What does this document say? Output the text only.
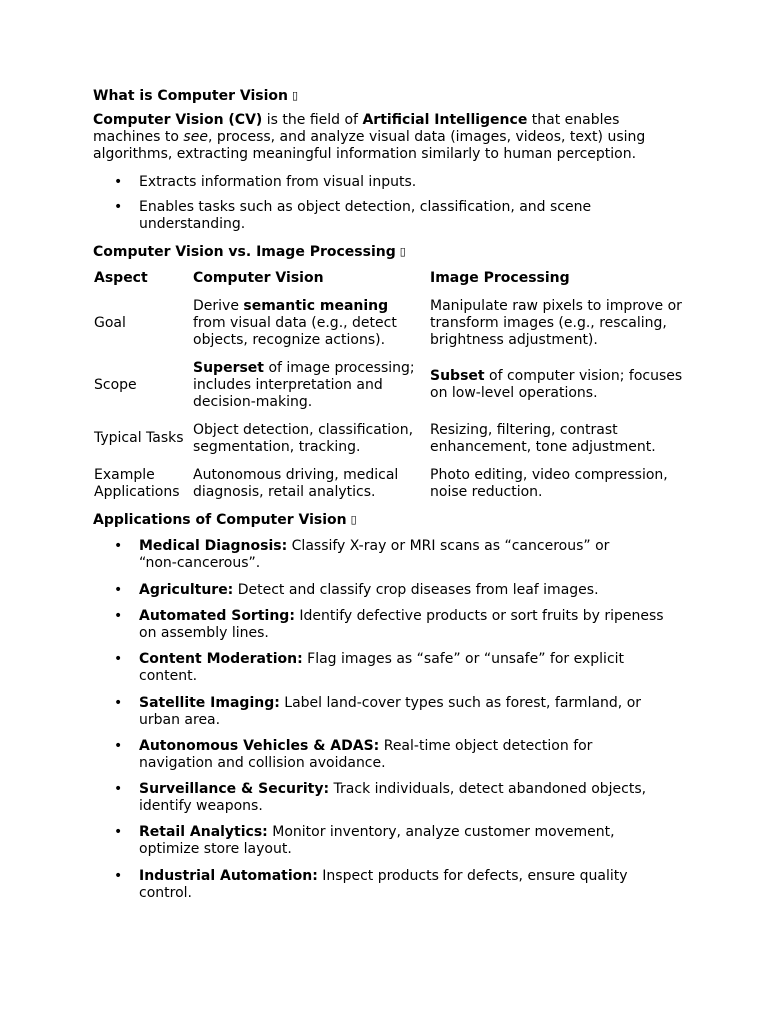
What is Computer Vision ▯
Computer Vision (CV) is the field of Artificial Intelligence that enables machines to see, process, and analyze visual data (images, videos, text) using algorithms, extracting meaningful information similarly to human perception.
• Extracts information from visual inputs.
• Enables tasks such as object detection, classification, and scene understanding.
Computer Vision vs. Image Processing ▯
Aspect	Computer Vision	Image Processing
Goal
Derive semantic meaning from visual data (e.g., detect objects, recognize actions).
Manipulate raw pixels to improve or transform images (e.g., rescaling, brightness adjustment).
Scope
Superset of image processing; includes interpretation and decision-making.
Subset of computer vision; focuses on low-level operations.
Typical Tasks Object detection, classification, segmentation, tracking.
Resizing, filtering, contrast enhancement, tone adjustment.
Example Applications
Autonomous driving, medical diagnosis, retail analytics.
Photo editing, video compression, noise reduction.
Applications of Computer Vision ▯
• Medical Diagnosis: Classify X-ray or MRI scans as “cancerous” or “non-cancerous”.
• Agriculture: Detect and classify crop diseases from leaf images.
• Automated Sorting: Identify defective products or sort fruits by ripeness on assembly lines.
• Content Moderation: Flag images as “safe” or “unsafe” for explicit content.
• Satellite Imaging: Label land-cover types such as forest, farmland, or urban area.
• Autonomous Vehicles & ADAS: Real-time object detection for navigation and collision avoidance.
• Surveillance & Security: Track individuals, detect abandoned objects, identify weapons.
• Retail Analytics: Monitor inventory, analyze customer movement, optimize store layout.
• Industrial Automation: Inspect products for defects, ensure quality control.
